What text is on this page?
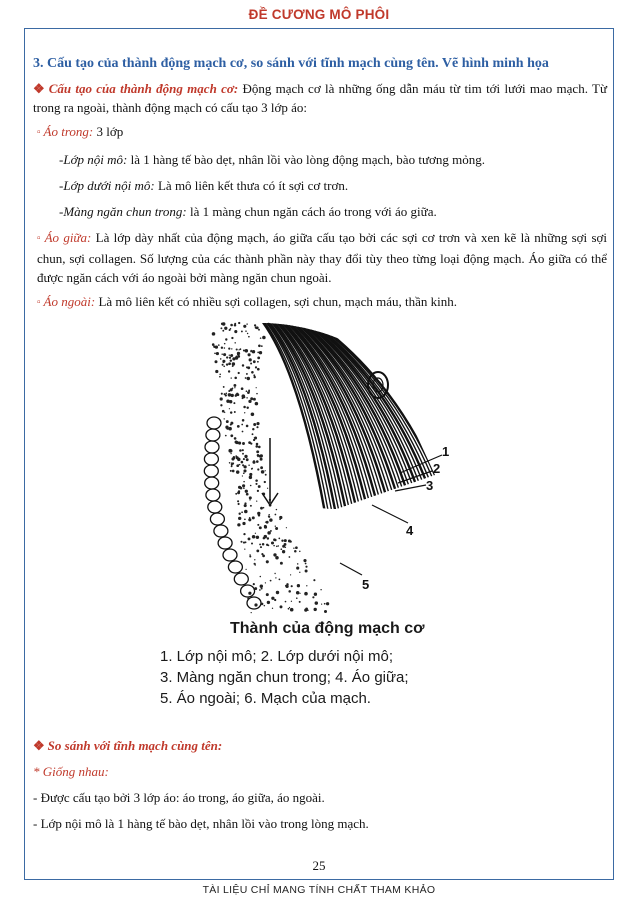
ĐỀ CƯƠNG MÔ PHÔI
3. Cấu tạo của thành động mạch cơ, so sánh với tĩnh mạch cùng tên. Vẽ hình minh họa

❖ Cấu tạo của thành động mạch cơ: Động mạch cơ là những ống dẫn máu từ tim tới lưới mao mạch. Từ trong ra ngoài, thành động mạch có cấu tạo 3 lớp áo:

▫ Áo trong: 3 lớp
-Lớp nội mô: là 1 hàng tế bào dẹt, nhân lồi vào lòng động mạch, bào tương mỏng.
-Lớp dưới nội mô: Là mô liên kết thưa có ít sợi cơ trơn.
-Màng ngăn chun trong: là 1 màng chun ngăn cách áo trong với áo giữa.

▫ Áo giữa: Là lớp dày nhất của động mạch, áo giữa cấu tạo bởi các sợi cơ trơn và xen kẽ là những sợi sợi chun, sợi collagen. Số lượng của các thành phần này thay đổi tùy theo từng loại động mạch. Áo giữa có thể được ngăn cách với áo ngoài bởi màng ngăn chun ngoài.

▫ Áo ngoài: Là mô liên kết có nhiều sợi collagen, sợi chun, mạch máu, thần kinh.
1
2
3
4
5
Thành của động mạch cơ
1. Lớp nội mô; 2. Lớp dưới nội mô;
3. Màng ngăn chun trong; 4. Áo giữa;
5. Áo ngoài; 6. Mạch của mạch.
❖ So sánh với tĩnh mạch cùng tên:
* Giống nhau:
- Được cấu tạo bởi 3 lớp áo: áo trong, áo giữa, áo ngoài.
- Lớp nội mô là 1 hàng tế bào dẹt, nhân lồi vào trong lòng mạch.
25
TÀI LIỆU CHỈ MANG TÍNH CHẤT THAM KHẢO
